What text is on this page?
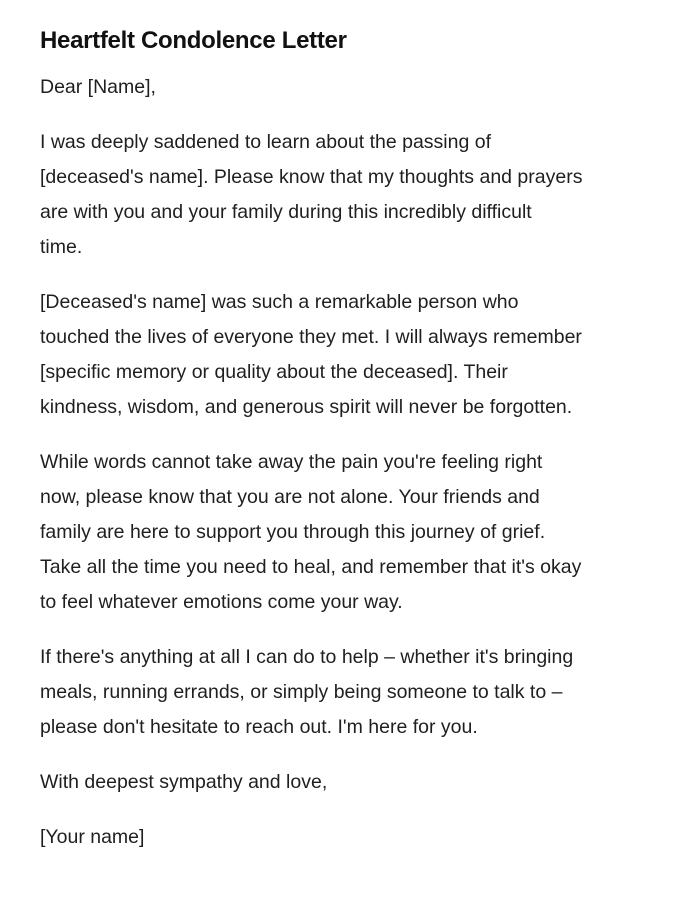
Heartfelt Condolence Letter

Dear [Name],

I was deeply saddened to learn about the passing of
[deceased's name]. Please know that my thoughts and prayers
are with you and your family during this incredibly difficult
time.

[Deceased's name] was such a remarkable person who
touched the lives of everyone they met. I will always remember
[specific memory or quality about the deceased]. Their
kindness, wisdom, and generous spirit will never be forgotten.

While words cannot take away the pain you're feeling right
now, please know that you are not alone. Your friends and
family are here to support you through this journey of grief.
Take all the time you need to heal, and remember that it's okay
to feel whatever emotions come your way.

If there's anything at all I can do to help – whether it's bringing
meals, running errands, or simply being someone to talk to –
please don't hesitate to reach out. I'm here for you.

With deepest sympathy and love,

[Your name]
